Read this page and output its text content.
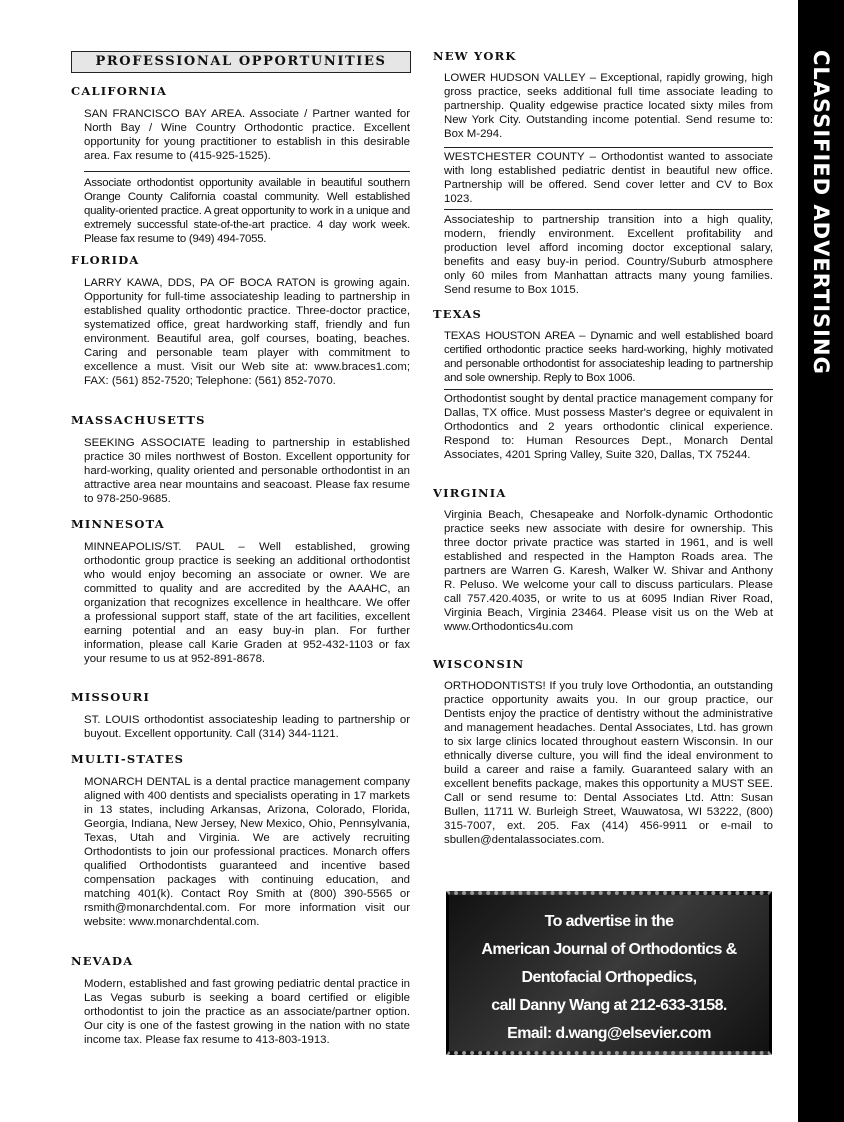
PROFESSIONAL OPPORTUNITIES
CALIFORNIA
SAN FRANCISCO BAY AREA. Associate / Partner wanted for North Bay / Wine Country Orthodontic practice. Excellent opportunity for young practitioner to establish in this desirable area. Fax resume to (415-925-1525).
Associate orthodontist opportunity available in beautiful southern Orange County California coastal community. Well established quality-oriented practice. A great opportunity to work in a unique and extremely successful state-of-the-art practice. 4 day work week. Please fax resume to (949) 494-7055.
FLORIDA
LARRY KAWA, DDS, PA OF BOCA RATON is growing again. Opportunity for full-time associateship leading to partnership in established quality orthodontic practice. Three-doctor practice, systematized office, great hardworking staff, friendly and fun environment. Beautiful area, golf courses, boating, beaches. Caring and personable team player with commitment to excellence a must. Visit our Web site at: www.braces1.com; FAX: (561) 852-7520; Telephone: (561) 852-7070.
MASSACHUSETTS
SEEKING ASSOCIATE leading to partnership in established practice 30 miles northwest of Boston. Excellent opportunity for hard-working, quality oriented and personable orthodontist in an attractive area near mountains and seacoast. Please fax resume to 978-250-9685.
MINNESOTA
MINNEAPOLIS/ST. PAUL – Well established, growing orthodontic group practice is seeking an additional orthodontist who would enjoy becoming an associate or owner. We are committed to quality and are accredited by the AAAHC, an organization that recognizes excellence in healthcare. We offer a professional support staff, state of the art facilities, excellent earning potential and an easy buy-in plan. For further information, please call Karie Graden at 952-432-1103 or fax your resume to us at 952-891-8678.
MISSOURI
ST. LOUIS orthodontist associateship leading to partnership or buyout. Excellent opportunity. Call (314) 344-1121.
MULTI-STATES
MONARCH DENTAL is a dental practice management company aligned with 400 dentists and specialists operating in 17 markets in 13 states, including Arkansas, Arizona, Colorado, Florida, Georgia, Indiana, New Jersey, New Mexico, Ohio, Pennsylvania, Texas, Utah and Virginia. We are actively recruiting Orthodontists to join our professional practices. Monarch offers qualified Orthodontists guaranteed and incentive based compensation packages with continuing education, and matching 401(k). Contact Roy Smith at (800) 390-5565 or rsmith@monarchdental.com. For more information visit our website: www.monarchdental.com.
NEVADA
Modern, established and fast growing pediatric dental practice in Las Vegas suburb is seeking a board certified or eligible orthodontist to join the practice as an associate/partner option. Our city is one of the fastest growing in the nation with no state income tax. Please fax resume to 413-803-1913.
NEW YORK
LOWER HUDSON VALLEY – Exceptional, rapidly growing, high gross practice, seeks additional full time associate leading to partnership. Quality edgewise practice located sixty miles from New York City. Outstanding income potential. Send resume to: Box M-294.
WESTCHESTER COUNTY – Orthodontist wanted to associate with long established pediatric dentist in beautiful new office. Partnership will be offered. Send cover letter and CV to Box 1023.
Associateship to partnership transition into a high quality, modern, friendly environment. Excellent profitability and production level afford incoming doctor exceptional salary, benefits and easy buy-in period. Country/Suburb atmosphere only 60 miles from Manhattan attracts many young families. Send resume to Box 1015.
TEXAS
TEXAS HOUSTON AREA – Dynamic and well established board certified orthodontic practice seeks hard-working, highly motivated and personable orthodontist for associateship leading to partnership and sole ownership. Reply to Box 1006.
Orthodontist sought by dental practice management company for Dallas, TX office. Must possess Master's degree or equivalent in Orthodontics and 2 years orthodontic clinical experience. Respond to: Human Resources Dept., Monarch Dental Associates, 4201 Spring Valley, Suite 320, Dallas, TX 75244.
VIRGINIA
Virginia Beach, Chesapeake and Norfolk-dynamic Orthodontic practice seeks new associate with desire for ownership. This three doctor private practice was started in 1961, and is well established and respected in the Hampton Roads area. The partners are Warren G. Karesh, Walker W. Shivar and Anthony R. Peluso. We welcome your call to discuss particulars. Please call 757.420.4035, or write to us at 6095 Indian River Road, Virginia Beach, Virginia 23464. Please visit us on the Web at www.Orthodontics4u.com
WISCONSIN
ORTHODONTISTS! If you truly love Orthodontia, an outstanding practice opportunity awaits you. In our group practice, our Dentists enjoy the practice of dentistry without the administrative and management headaches. Dental Associates, Ltd. has grown to six large clinics located throughout eastern Wisconsin. In our ethnically diverse culture, you will find the ideal environment to build a career and raise a family. Guaranteed salary with an excellent benefits package, makes this opportunity a MUST SEE. Call or send resume to: Dental Associates Ltd. Attn: Susan Bullen, 11711 W. Burleigh Street, Wauwatosa, WI 53222, (800) 315-7007, ext. 205. Fax (414) 456-9911 or e-mail to sbullen@dentalassociates.com.
To advertise in the
American Journal of Orthodontics &
Dentofacial Orthopedics,
call Danny Wang at 212-633-3158.
Email: d.wang@elsevier.com
CLASSIFIED ADVERTISING
